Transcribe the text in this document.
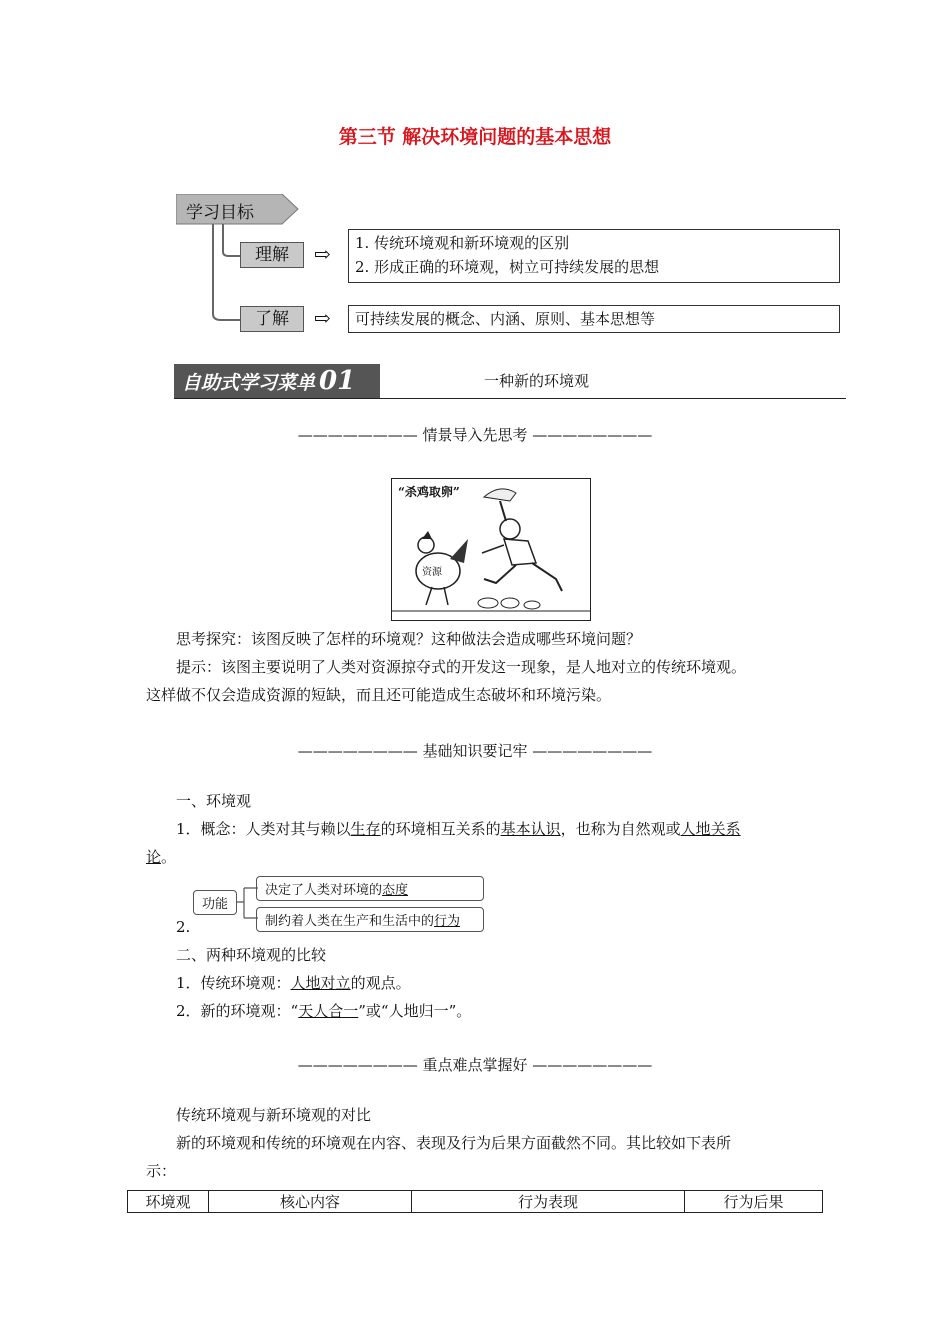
第三节 解决环境问题的基本思想
学习目标
理解	⇨	1. 传统环境观和新环境观的区别
2. 形成正确的环境观，树立可持续发展的思想
了解	⇨	可持续发展的概念、内涵、原则、基本思想等
自助式学习菜单 01	一种新的环境观
———————— 情景导入先思考 ————————
“杀鸡取卵”
资源

思考探究：该图反映了怎样的环境观？这种做法会造成哪些环境问题？

提示：该图主要说明了人类对资源掠夺式的开发这一现象，是人地对立的传统环境观。

这样做不仅会造成资源的短缺，而且还可能造成生态破坏和环境污染。

———————— 基础知识要记牢 ————————

一、环境观

1．概念：人类对其与赖以生存的环境相互关系的基本认识，也称为自然观或人地关系

论。

2.
功能
决定了人类对环境的态度
制约着人类在生产和生活中的行为

二、两种环境观的比较

1．传统环境观：人地对立的观点。

2．新的环境观：“天人合一”或“人地归一”。

———————— 重点难点掌握好 ————————

传统环境观与新环境观的对比

新的环境观和传统的环境观在内容、表现及行为后果方面截然不同。其比较如下表所

示：

环境观	核心内容	行为表现	行为后果
